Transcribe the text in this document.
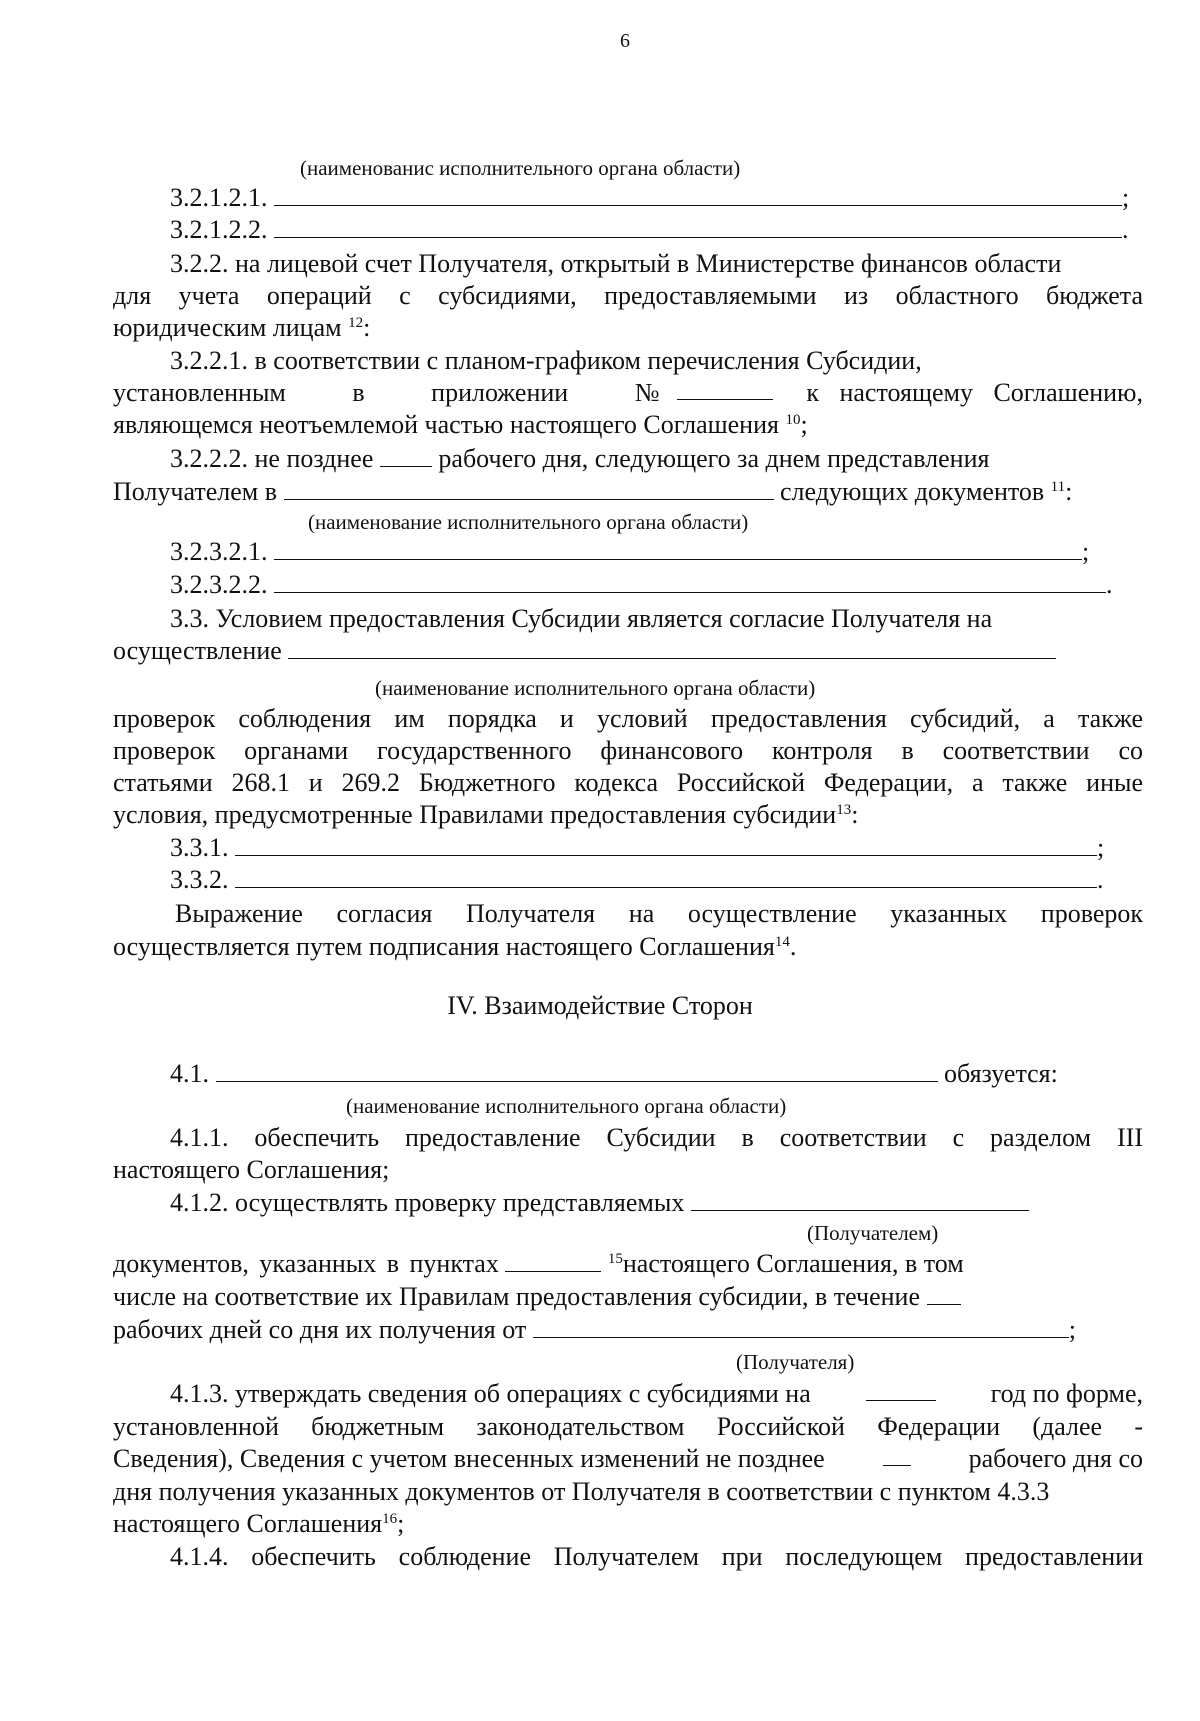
6
(наименованис исполнительного органа области)
3.2.1.2.1.	;
3.2.1.2.2.	.
3.2.2. на лицевой счет Получателя, открытый в Министерстве финансов области
для учета операций с субсидиями, предоставляемыми из областного бюджета
юридическим лицам $^{12}$:
3.2.2.1. в соответствии с планом-графиком перечисления Субсидии,
установленным в приложении №	к настоящему Соглашению,
являющемся неотъемлемой частью настоящего Соглашения $^{10}$;
3.2.2.2. не позднее	рабочего дня, следующего за днем представления
Получателем в	следующих документов $^{11}$:
(наименование исполнительного органа области)
3.2.3.2.1.	;
3.2.3.2.2.	.
3.3. Условием предоставления Субсидии является согласие Получателя на
осуществление
(наименование исполнительного органа области)
проверок соблюдения им порядка и условий предоставления субсидий, а также
проверок органами государственного финансового контроля в соответствии со
статьями 268.1 и 269.2 Бюджетного кодекса Российской Федерации, а также иные
условия, предусмотренные Правилами предоставления субсидии$^{13}$:
3.3.1.	;
3.3.2.	.
Выражение согласия Получателя на осуществление указанных проверок
осуществляется путем подписания настоящего Соглашения$^{14}$.
IV. Взаимодействие Сторон
4.1.	обязуется:
(наименование исполнительного органа области)
4.1.1. обеспечить предоставление Субсидии в соответствии с разделом III
настоящего Соглашения;
4.1.2. осуществлять проверку представляемых
(Получателем)
документов, указанных в пунктах	$^{15}$настоящего Соглашения, в том
числе на соответствие их Правилам предоставления субсидии, в течение
рабочих дней со дня их получения от	;
(Получателя)
4.1.3. утверждать сведения об операциях с субсидиями на	год по форме,
установленной бюджетным законодательством Российской Федерации (далее -
Сведения), Сведения с учетом внесенных изменений не позднее	рабочего дня со
дня получения указанных документов от Получателя в соответствии с пунктом 4.3.3
настоящего Соглашения$^{16}$;
4.1.4. обеспечить соблюдение Получателем при последующем предоставлении
